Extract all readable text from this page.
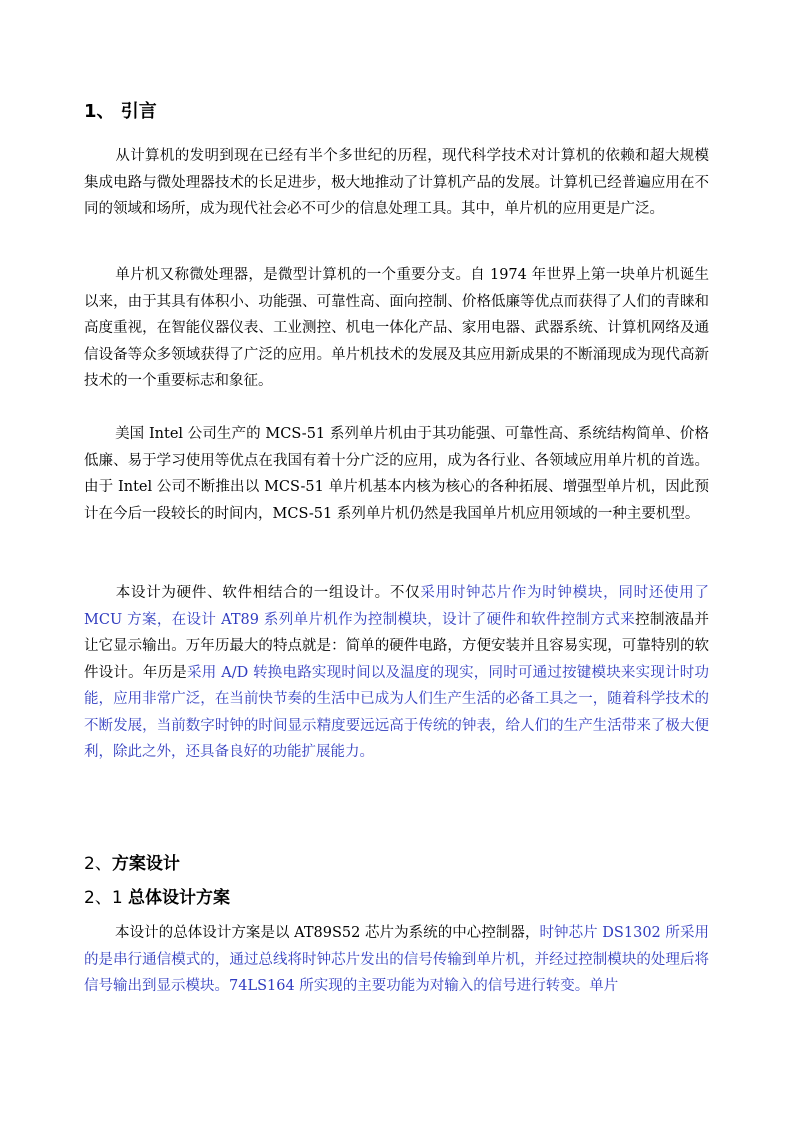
1、 引言

从计算机的发明到现在已经有半个多世纪的历程，现代科学技术对计算机的依赖和超大规模集成电路与微处理器技术的长足进步，极大地推动了计算机产品的发展。计算机已经普遍应用在不同的领域和场所，成为现代社会必不可少的信息处理工具。其中，单片机的应用更是广泛。

单片机又称微处理器，是微型计算机的一个重要分支。自 1974 年世界上第一块单片机诞生以来，由于其具有体积小、功能强、可靠性高、面向控制、价格低廉等优点而获得了人们的青睐和高度重视，在智能仪器仪表、工业测控、机电一体化产品、家用电器、武器系统、计算机网络及通信设备等众多领域获得了广泛的应用。单片机技术的发展及其应用新成果的不断涌现成为现代高新技术的一个重要标志和象征。

美国 Intel 公司生产的 MCS-51 系列单片机由于其功能强、可靠性高、系统结构简单、价格低廉、易于学习使用等优点在我国有着十分广泛的应用，成为各行业、各领域应用单片机的首选。由于 Intel 公司不断推出以 MCS-51 单片机基本内核为核心的各种拓展、增强型单片机，因此预计在今后一段较长的时间内，MCS-51 系列单片机仍然是我国单片机应用领域的一种主要机型。

本设计为硬件、软件相结合的一组设计。不仅采用时钟芯片作为时钟模块，同时还使用了 MCU 方案，在设计 AT89 系列单片机作为控制模块，设计了硬件和软件控制方式来控制液晶并让它显示输出。万年历最大的特点就是：简单的硬件电路，方便安装并且容易实现，可靠特别的软件设计。年历是采用 A/D 转换电路实现时间以及温度的现实，同时可通过按键模块来实现计时功能，应用非常广泛，在当前快节奏的生活中已成为人们生产生活的必备工具之一，随着科学技术的不断发展，当前数字时钟的时间显示精度要远远高于传统的钟表，给人们的生产生活带来了极大便利，除此之外，还具备良好的功能扩展能力。

2、方案设计
2、1 总体设计方案

本设计的总体设计方案是以 AT89S52 芯片为系统的中心控制器，时钟芯片 DS1302 所采用的是串行通信模式的，通过总线将时钟芯片发出的信号传输到单片机，并经过控制模块的处理后将信号输出到显示模块。74LS164 所实现的主要功能为对输入的信号进行转变。单片
